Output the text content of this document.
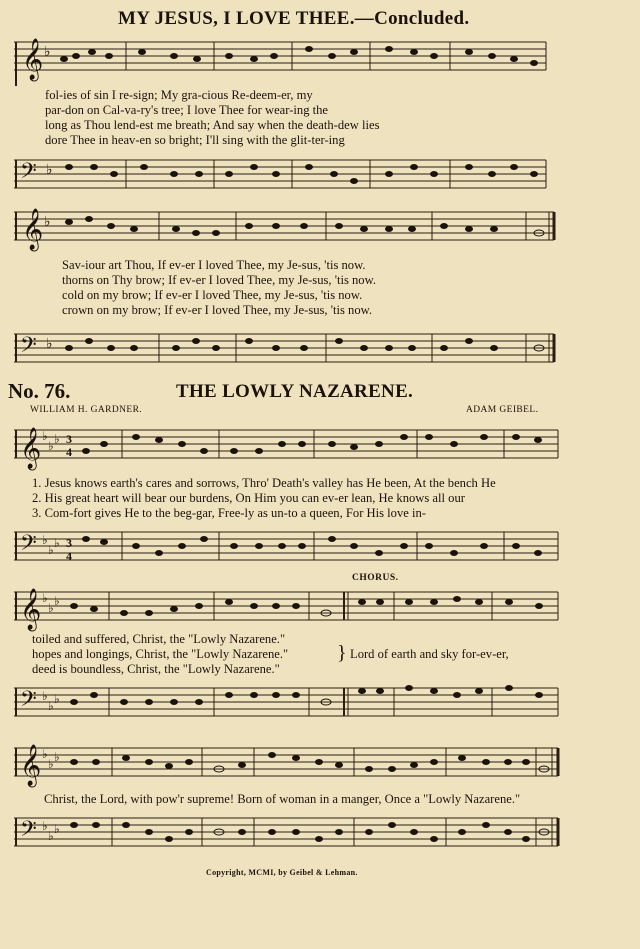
MY JESUS, I LOVE THEE.—Concluded.
𝄞 ♭
fol-ies of sin I re-sign; My gra-cious Re-deem-er, my
par-don on Cal-va-ry's tree; I love Thee for wear-ing the
long as Thou lend-est me breath; And say when the death-dew lies
dore Thee in heav-en so bright; I'll sing with the glit-ter-ing
𝄢 ♭
𝄞 ♭
Sav-iour art Thou, If ev-er I loved Thee, my Je-sus, 'tis now.
thorns on Thy brow; If ev-er I loved Thee, my Je-sus, 'tis now.
cold on my brow; If ev-er I loved Thee, my Je-sus, 'tis now.
crown on my brow; If ev-er I loved Thee, my Je-sus, 'tis now.
𝄢 ♭
No. 76.	THE LOWLY NAZARENE.
WILLIAM H. GARDNER.	ADAM GEIBEL.
𝄞 ♭
♭ ♭ 3
4
1. Jesus knows earth's cares and sorrows, Thro' Death's valley has He been, At the bench He
2. His great heart will bear our burdens, On Him you can ev-er lean, He knows all our
3. Com-fort gives He to the beg-gar, Free-ly as un-to a queen, For His love in-
𝄢 ♭
♭ ♭ 3
4
CHORUS.
𝄞 ♭
♭ ♭
toiled and suffered, Christ, the "Lowly Nazarene."
hopes and longings, Christ, the "Lowly Nazarene."
deed is boundless, Christ, the "Lowly Nazarene."
} Lord of earth and sky for-ev-er,
𝄢 ♭
♭ ♭
𝄞 ♭
♭ ♭
Christ, the Lord, with pow'r supreme! Born of woman in a manger, Once a "Lowly Nazarene."
𝄢 ♭
♭ ♭
Copyright, MCMI, by Geibel & Lehman.
